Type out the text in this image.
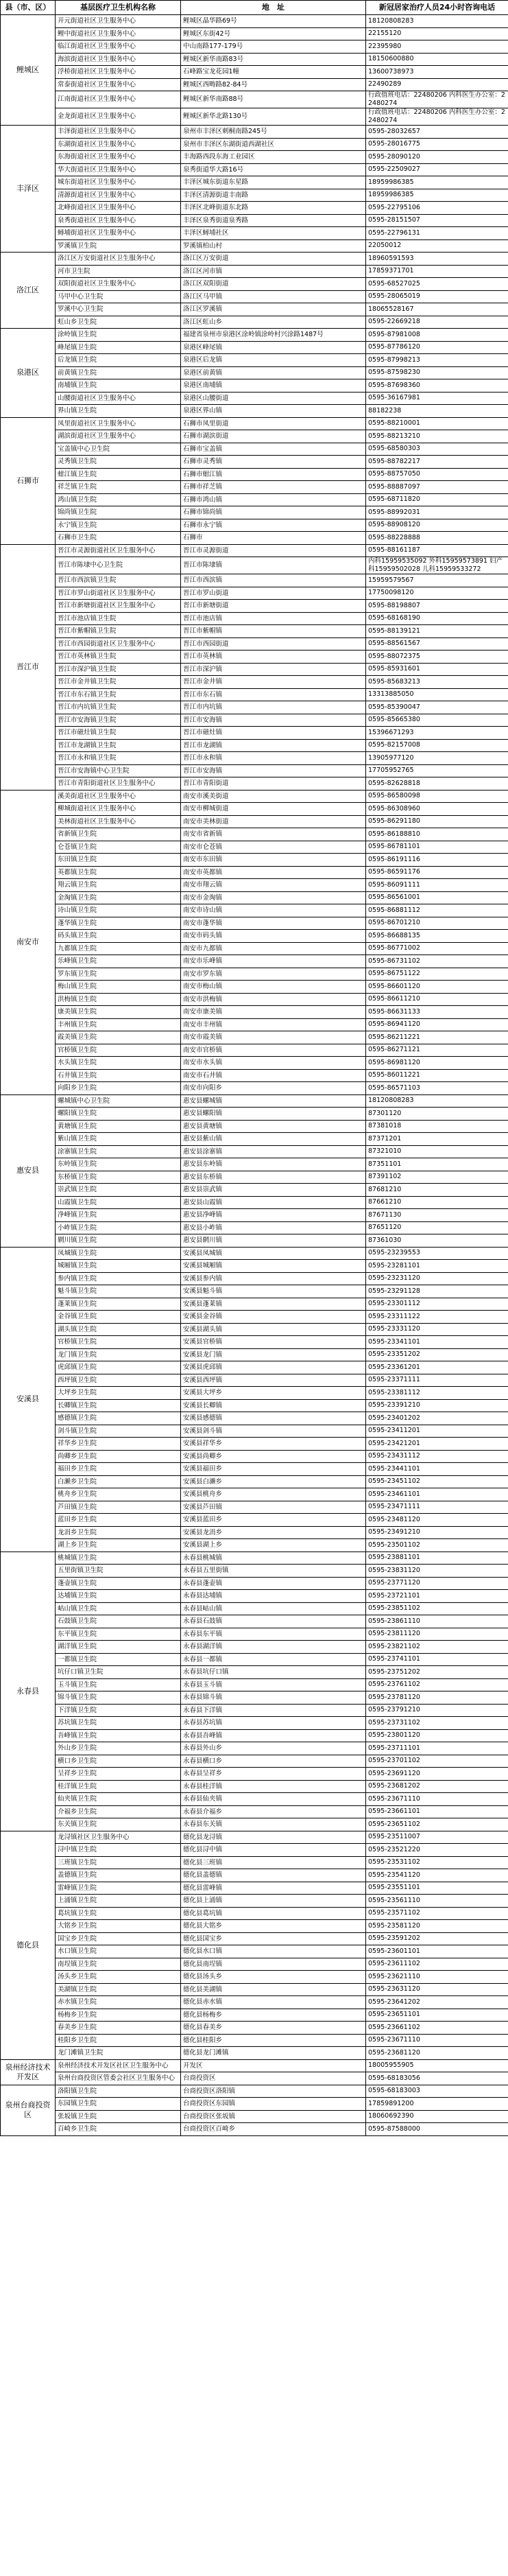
县（市、区）	基层医疗卫生机构名称	地　址	新冠居家治疗人员24小时咨询电话
鲤城区	开元街道社区卫生服务中心	鲤城区晶华路69号	18120808283
	鲤中街道社区卫生服务中心	鲤城区东街42号	22155120
	临江街道社区卫生服务中心	中山南路177-179号	22395980
	海滨街道社区卫生服务中心	鲤城区新华南路83号	18150600880
	浮桥街道社区卫生服务中心	石峰路宝龙花园1幢	13600738973
	常泰街道社区卫生服务中心	鲤城区西畴路82-84号	22490289
	江南街道社区卫生服务中心	鲤城区新华南路88号	行政值班电话：22480206 内科医生办公室：22480274
	金龙街道社区卫生服务中心	鲤城区新华北路130号	行政值班电话：22480206 内科医生办公室：22480274
丰泽区	丰泽街道社区卫生服务中心	泉州市丰泽区刺桐南路245号	0595-28032657
	东湖街道社区卫生服务中心	泉州市丰泽区东湖街道西湖社区	0595-28016775
	东海街道社区卫生服务中心	丰海路西段东海工业园区	0595-28090120
	华大街道社区卫生服务中心	泉秀街道华大路16号	0595-22509027
	城东街道社区卫生服务中心	丰泽区城东街道东星路	18959986385
	清源街道社区卫生服务中心	丰泽区清源街道丰南路	18959986385
	北峰街道社区卫生服务中心	丰泽区北峰街道东北路	0595-22795106
	泉秀街道社区卫生服务中心	丰泽区泉秀街道泉秀路	0595-28151507
	蟳埔街道社区卫生服务中心	丰泽区蟳埔社区	0595-22796131
	罗溪镇卫生院	罗溪镇柏山村	22050012
洛江区	洛江区万安街道社区卫生服务中心	洛江区万安街道	18960591593
	河市卫生院	洛江区河市镇	17859371701
	双阳街道社区卫生服务中心	洛江区双阳街道	0595-68527025
	马甲中心卫生院	洛江区马甲镇	0595-28065019
	罗溪中心卫生院	洛江区罗溪镇	18065528167
	虹山乡卫生院	洛江区虹山乡	0595-22669218
泉港区	涂岭镇卫生院	福建省泉州市泉港区涂岭镇涂岭村兴涂路1487号	0595-87981008
	峰尾镇卫生院	泉港区峰尾镇	0595-87786120
	后龙镇卫生院	泉港区后龙镇	0595-87998213
	前黄镇卫生院	泉港区前黄镇	0595-87598230
	南埔镇卫生院	泉港区南埔镇	0595-87698360
	山腰街道社区卫生服务中心	泉港区山腰街道	0595-36167981
	界山镇卫生院	泉港区界山镇	88182238
石狮市	凤里街道社区卫生服务中心	石狮市凤里街道	0595-88210001
	湖滨街道社区卫生服务中心	石狮市湖滨街道	0595-88213210
	宝盖镇中心卫生院	石狮市宝盖镇	0595-68580303
	灵秀镇卫生院	石狮市灵秀镇	0595-88782217
	蚶江镇卫生院	石狮市蚶江镇	0595-88757050
	祥芝镇卫生院	石狮市祥芝镇	0595-88887097
	鸿山镇卫生院	石狮市鸿山镇	0595-68711820
	锦尚镇卫生院	石狮市锦尚镇	0595-88992031
	永宁镇卫生院	石狮市永宁镇	0595-88908120
	石狮市卫生院	石狮市	0595-88228888
晋江市	晋江市灵源街道社区卫生服务中心	晋江市灵源街道	0595-88161187
	晋江市陈埭中心卫生院	晋江市陈埭镇	内科15959535092 外科15959573891 妇产科15959502028 儿科15959533272
	晋江市西滨镇卫生院	晋江市西滨镇	15959579567
	晋江市罗山街道社区卫生服务中心	晋江市罗山街道	17750098120
	晋江市新塘街道社区卫生服务中心	晋江市新塘街道	0595-88198807
	晋江市池店镇卫生院	晋江市池店镇	0595-68168190
	晋江市紫帽镇卫生院	晋江市紫帽镇	0595-88139121
	晋江市西园街道社区卫生服务中心	晋江市西园街道	0595-88561567
	晋江市英林镇卫生院	晋江市英林镇	0595-88072375
	晋江市深沪镇卫生院	晋江市深沪镇	0595-85931601
	晋江市金井镇卫生院	晋江市金井镇	0595-85683213
	晋江市东石镇卫生院	晋江市东石镇	13313885050
	晋江市内坑镇卫生院	晋江市内坑镇	0595-85390047
	晋江市安海镇卫生院	晋江市安海镇	0595-85665380
	晋江市磁灶镇卫生院	晋江市磁灶镇	15396671293
	晋江市龙湖镇卫生院	晋江市龙湖镇	0595-82157008
	晋江市永和镇卫生院	晋江市永和镇	13905977120
	晋江市安海镇中心卫生院	晋江市安海镇	17705952765
	晋江市青阳街道社区卫生服务中心	晋江市青阳街道	0595-82628818
南安市	溪美街道社区卫生服务中心	南安市溪美街道	0595-86580098
	柳城街道社区卫生服务中心	南安市柳城街道	0595-86308960
	美林街道社区卫生服务中心	南安市美林街道	0595-86291180
	省新镇卫生院	南安市省新镇	0595-86188810
	仑苍镇卫生院	南安市仑苍镇	0595-86781101
	东田镇卫生院	南安市东田镇	0595-86191116
	英都镇卫生院	南安市英都镇	0595-86591176
	翔云镇卫生院	南安市翔云镇	0595-86091111
	金淘镇卫生院	南安市金淘镇	0595-86561001
	诗山镇卫生院	南安市诗山镇	0595-86881112
	蓬华镇卫生院	南安市蓬华镇	0595-86701210
	码头镇卫生院	南安市码头镇	0595-86688135
	九都镇卫生院	南安市九都镇	0595-86771002
	乐峰镇卫生院	南安市乐峰镇	0595-86731102
	罗东镇卫生院	南安市罗东镇	0595-86751122
	梅山镇卫生院	南安市梅山镇	0595-86601120
	洪梅镇卫生院	南安市洪梅镇	0595-86611210
	康美镇卫生院	南安市康美镇	0595-86631133
	丰州镇卫生院	南安市丰州镇	0595-86941120
	霞美镇卫生院	南安市霞美镇	0595-86211221
	官桥镇卫生院	南安市官桥镇	0595-86271121
	水头镇卫生院	南安市水头镇	0595-86981120
	石井镇卫生院	南安市石井镇	0595-86011221
	向阳乡卫生院	南安市向阳乡	0595-86571103
惠安县	螺城镇中心卫生院	惠安县螺城镇	18120808283
	螺阳镇卫生院	惠安县螺阳镇	87301120
	黄塘镇卫生院	惠安县黄塘镇	87381018
	紫山镇卫生院	惠安县紫山镇	87371201
	涂寨镇卫生院	惠安县涂寨镇	87321010
	东岭镇卫生院	惠安县东岭镇	87351101
	东桥镇卫生院	惠安县东桥镇	87391102
	崇武镇卫生院	惠安县崇武镇	87681210
	山霞镇卫生院	惠安县山霞镇	87661210
	净峰镇卫生院	惠安县净峰镇	87671130
	小岞镇卫生院	惠安县小岞镇	87651120
	辋川镇卫生院	惠安县辋川镇	87361030
安溪县	凤城镇卫生院	安溪县凤城镇	0595-23239553
	城厢镇卫生院	安溪县城厢镇	0595-23281101
	参内镇卫生院	安溪县参内镇	0595-23231120
	魁斗镇卫生院	安溪县魁斗镇	0595-23291128
	蓬莱镇卫生院	安溪县蓬莱镇	0595-23301112
	金谷镇卫生院	安溪县金谷镇	0595-23311122
	湖头镇卫生院	安溪县湖头镇	0595-23331120
	官桥镇卫生院	安溪县官桥镇	0595-23341101
	龙门镇卫生院	安溪县龙门镇	0595-23351202
	虎邱镇卫生院	安溪县虎邱镇	0595-23361201
	西坪镇卫生院	安溪县西坪镇	0595-23371111
	大坪乡卫生院	安溪县大坪乡	0595-23381112
	长卿镇卫生院	安溪县长卿镇	0595-23391210
	感德镇卫生院	安溪县感德镇	0595-23401202
	剑斗镇卫生院	安溪县剑斗镇	0595-23411201
	祥华乡卫生院	安溪县祥华乡	0595-23421201
	尚卿乡卫生院	安溪县尚卿乡	0595-23431112
	福田乡卫生院	安溪县福田乡	0595-23441101
	白濑乡卫生院	安溪县白濑乡	0595-23451102
	桃舟乡卫生院	安溪县桃舟乡	0595-23461101
	芦田镇卫生院	安溪县芦田镇	0595-23471111
	蓝田乡卫生院	安溪县蓝田乡	0595-23481120
	龙涓乡卫生院	安溪县龙涓乡	0595-23491210
	湖上乡卫生院	安溪县湖上乡	0595-23501102
永春县	桃城镇卫生院	永春县桃城镇	0595-23881101
	五里街镇卫生院	永春县五里街镇	0595-23831120
	蓬壶镇卫生院	永春县蓬壶镇	0595-23771120
	达埔镇卫生院	永春县达埔镇	0595-23721101
	岵山镇卫生院	永春县岵山镇	0595-23851102
	石鼓镇卫生院	永春县石鼓镇	0595-23861110
	东平镇卫生院	永春县东平镇	0595-23811120
	湖洋镇卫生院	永春县湖洋镇	0595-23821102
	一都镇卫生院	永春县一都镇	0595-23741101
	坑仔口镇卫生院	永春县坑仔口镇	0595-23751202
	玉斗镇卫生院	永春县玉斗镇	0595-23761102
	锦斗镇卫生院	永春县锦斗镇	0595-23781120
	下洋镇卫生院	永春县下洋镇	0595-23791210
	苏坑镇卫生院	永春县苏坑镇	0595-23731102
	吾峰镇卫生院	永春县吾峰镇	0595-23801120
	外山乡卫生院	永春县外山乡	0595-23711101
	横口乡卫生院	永春县横口乡	0595-23701102
	呈祥乡卫生院	永春县呈祥乡	0595-23691120
	桂洋镇卫生院	永春县桂洋镇	0595-23681202
	仙夹镇卫生院	永春县仙夹镇	0595-23671110
	介福乡卫生院	永春县介福乡	0595-23661101
	东关镇卫生院	永春县东关镇	0595-23651102
德化县	龙浔镇社区卫生服务中心	德化县龙浔镇	0595-23511007
	浔中镇卫生院	德化县浔中镇	0595-23521220
	三班镇卫生院	德化县三班镇	0595-23531102
	盖德镇卫生院	德化县盖德镇	0595-23541120
	雷峰镇卫生院	德化县雷峰镇	0595-23551101
	上涌镇卫生院	德化县上涌镇	0595-23561110
	葛坑镇卫生院	德化县葛坑镇	0595-23571102
	大铭乡卫生院	德化县大铭乡	0595-23581120
	国宝乡卫生院	德化县国宝乡	0595-23591202
	水口镇卫生院	德化县水口镇	0595-23601101
	南埕镇卫生院	德化县南埕镇	0595-23611102
	汤头乡卫生院	德化县汤头乡	0595-23621110
	美湖镇卫生院	德化县美湖镇	0595-23631120
	赤水镇卫生院	德化县赤水镇	0595-23641202
	杨梅乡卫生院	德化县杨梅乡	0595-23651101
	春美乡卫生院	德化县春美乡	0595-23661102
	桂阳乡卫生院	德化县桂阳乡	0595-23671110
	龙门滩镇卫生院	德化县龙门滩镇	0595-23681120
泉州经济技术开发区	泉州经济技术开发区社区卫生服务中心	开发区	18005955905
	泉州台商投资区管委会社区卫生服务中心	台商投资区	0595-68183056
泉州台商投资区	洛阳镇卫生院	台商投资区洛阳镇	0595-68183003
	东园镇卫生院	台商投资区东园镇	17859891200
	张坂镇卫生院	台商投资区张坂镇	18060692390
	百崎乡卫生院	台商投资区百崎乡	0595-87588000
